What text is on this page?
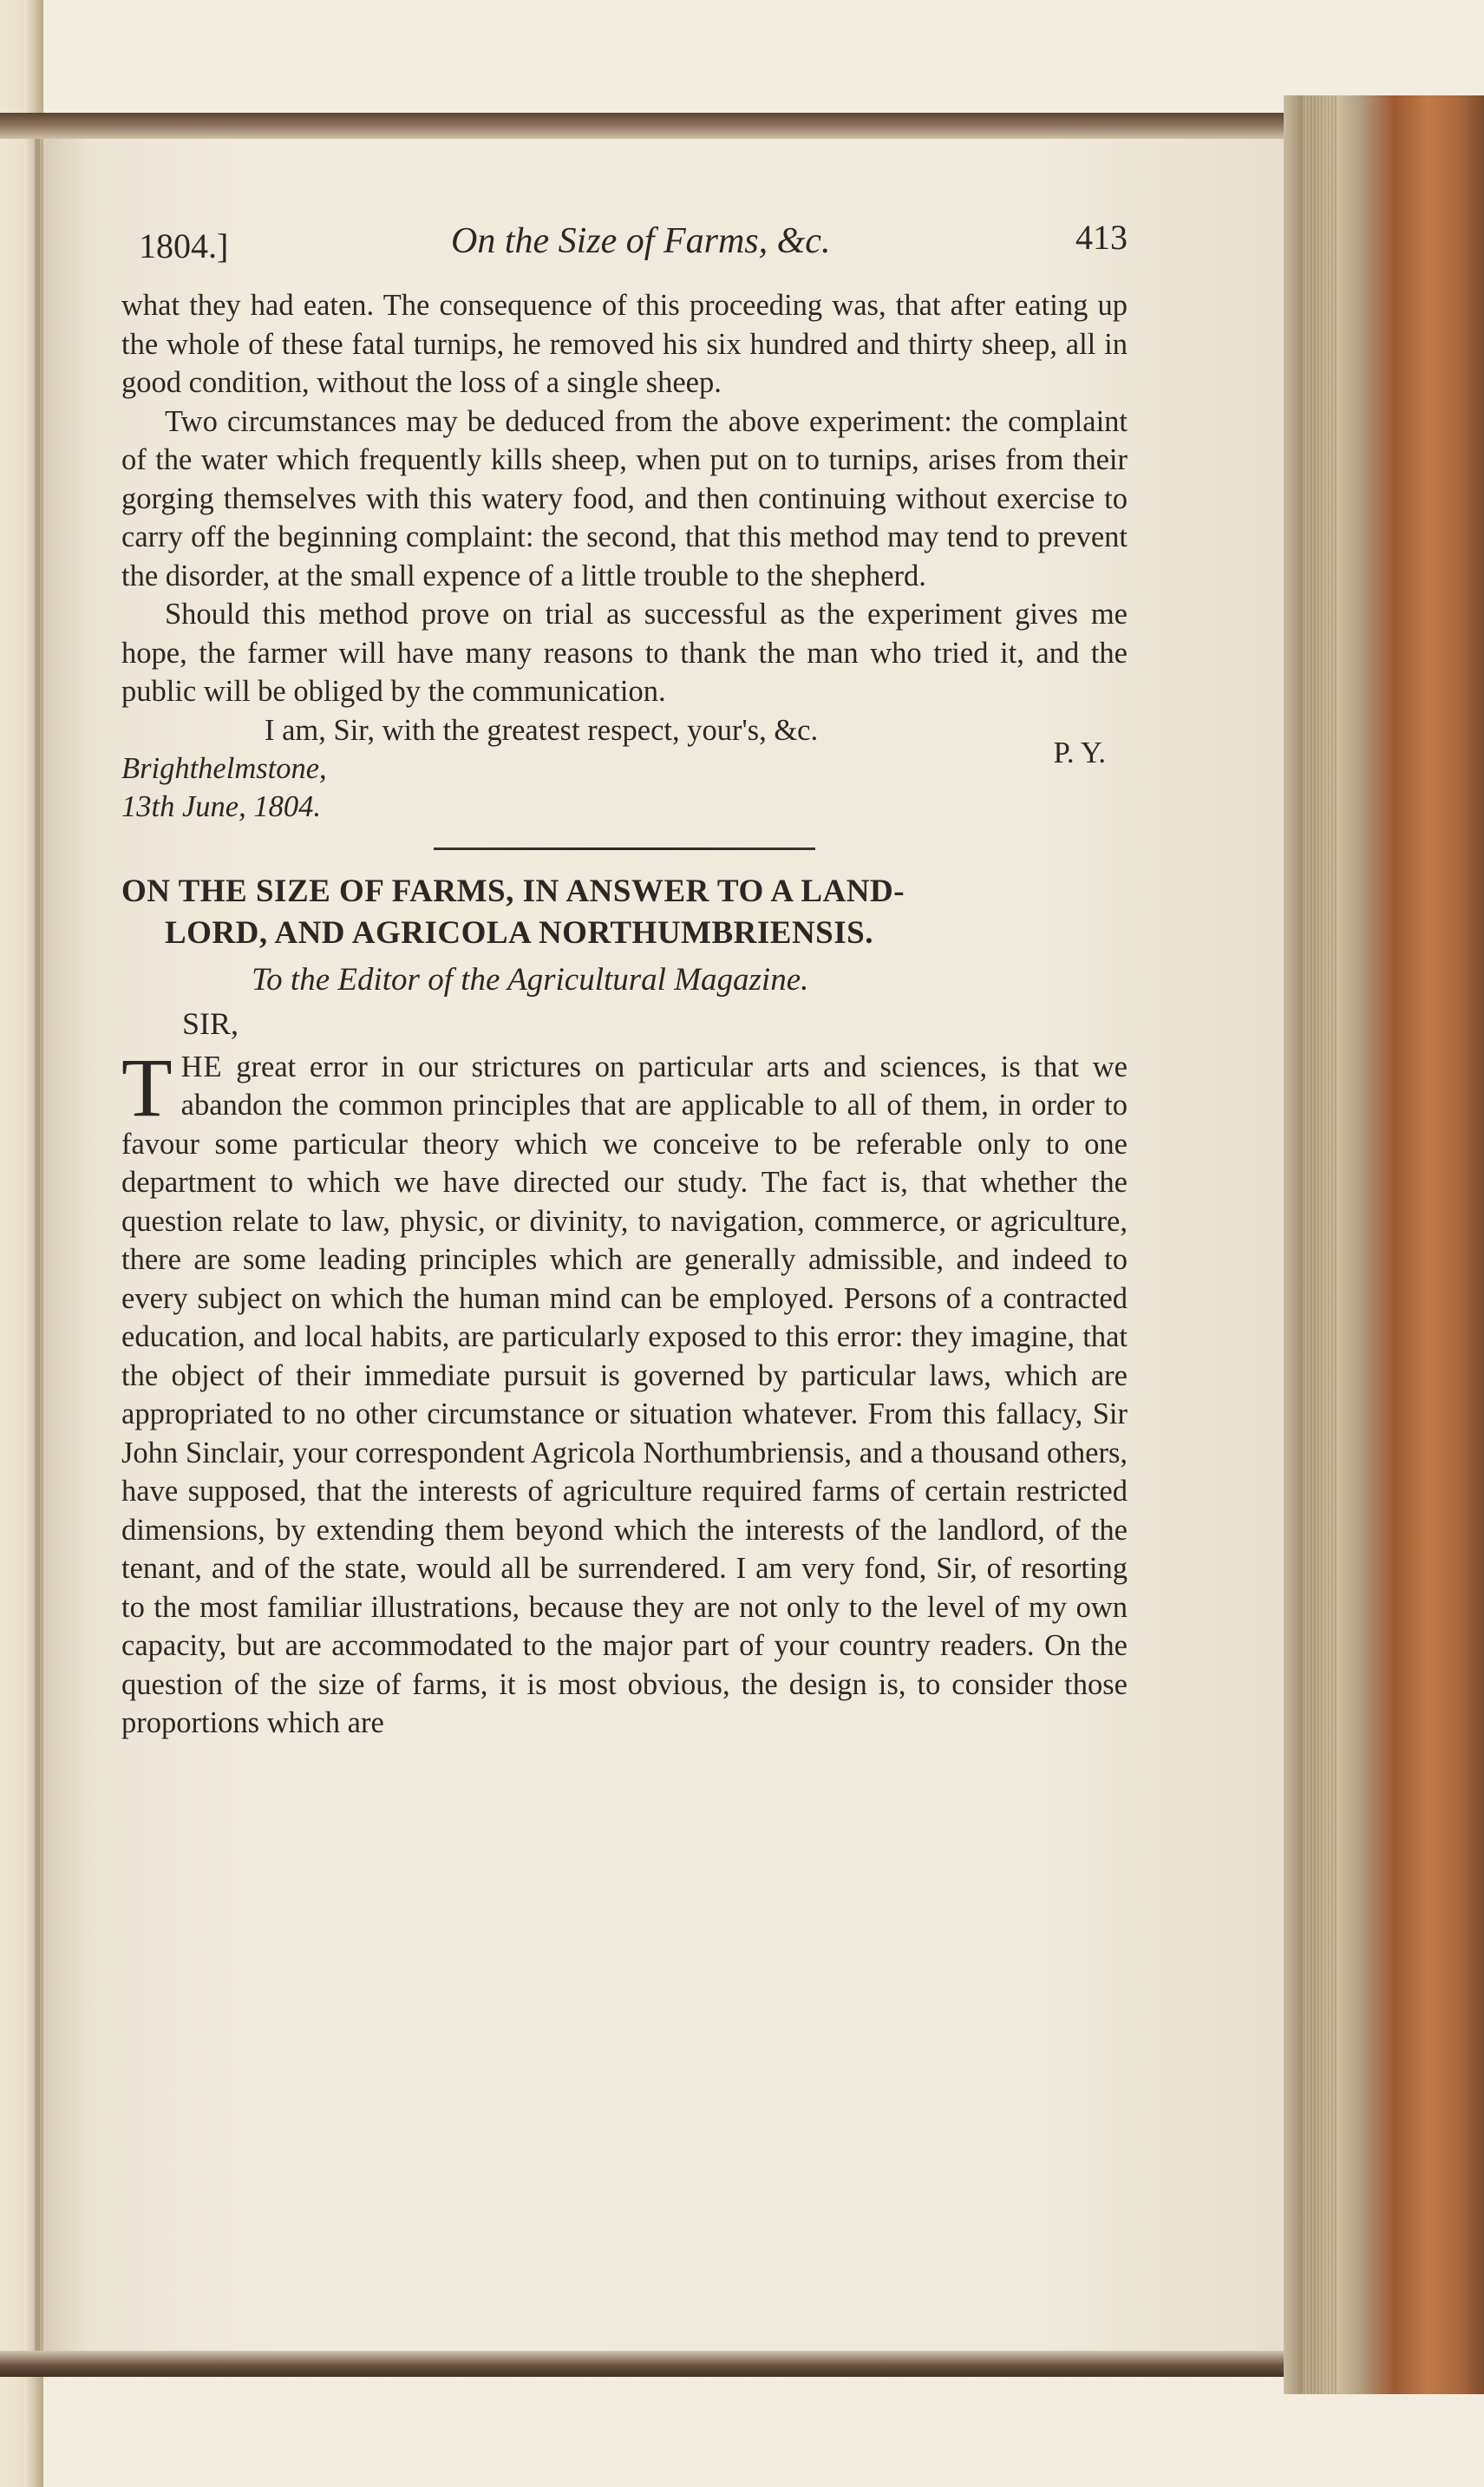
1804.]	On the Size of Farms, &c.	413

what they had eaten. The consequence of this proceeding was, that after eating up the whole of these fatal turnips, he removed his six hundred and thirty sheep, all in good condition, without the loss of a single sheep.

Two circumstances may be deduced from the above experiment: the complaint of the water which frequently kills sheep, when put on to turnips, arises from their gorging themselves with this watery food, and then continuing without exercise to carry off the beginning complaint: the second, that this method may tend to prevent the disorder, at the small expence of a little trouble to the shepherd.

Should this method prove on trial as successful as the experiment gives me hope, the farmer will have many reasons to thank the man who tried it, and the public will be obliged by the communication.

I am, Sir, with the greatest respect, your's, &c.
P. Y.

Brighthelmstone,

13th June, 1804.

ON THE SIZE OF FARMS, IN ANSWER TO A LAND-
LORD, AND AGRICOLA NORTHUMBRIENSIS.

To the Editor of the Agricultural Magazine.

SIR,

THE great error in our strictures on particular arts and sciences, is that we abandon the common principles that are applicable to all of them, in order to favour some particular theory which we conceive to be referable only to one department to which we have directed our study. The fact is, that whether the question relate to law, physic, or divinity, to navigation, commerce, or agriculture, there are some leading principles which are generally admissible, and indeed to every subject on which the human mind can be employed. Persons of a contracted education, and local habits, are particularly exposed to this error: they imagine, that the object of their immediate pursuit is governed by particular laws, which are appropriated to no other circumstance or situation whatever. From this fallacy, Sir John Sinclair, your correspondent Agricola Northumbriensis, and a thousand others, have supposed, that the interests of agriculture required farms of certain restricted dimensions, by extending them beyond which the interests of the landlord, of the tenant, and of the state, would all be surrendered. I am very fond, Sir, of resorting to the most familiar illustrations, because they are not only to the level of my own capacity, but are accommodated to the major part of your country readers. On the question of the size of farms, it is most obvious, the design is, to consider those proportions which are
